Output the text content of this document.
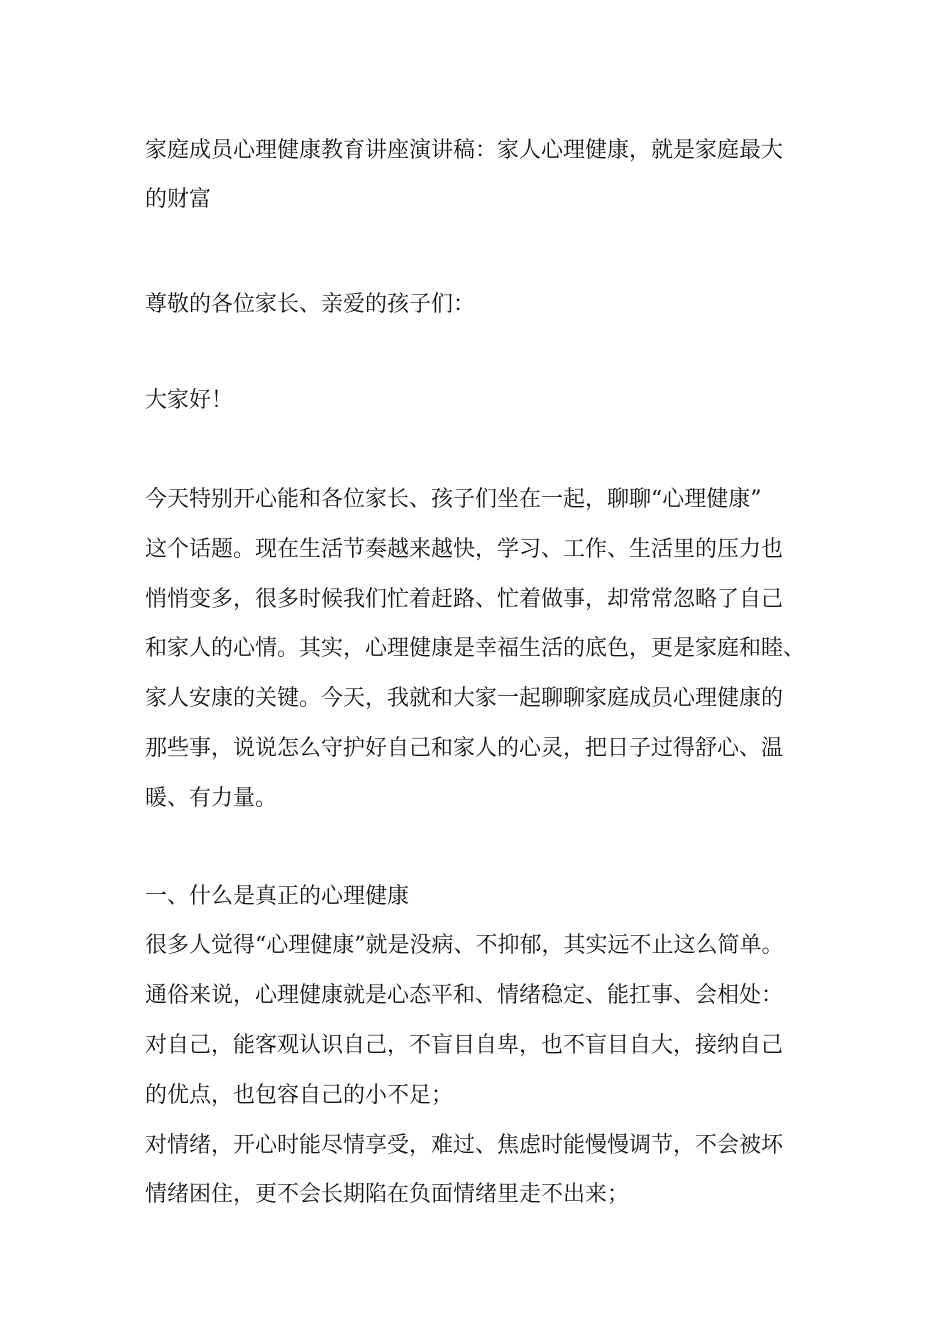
家庭成员心理健康教育讲座演讲稿：家人心理健康，就是家庭最大
的财富
尊敬的各位家长、亲爱的孩子们：
大家好！
今天特别开心能和各位家长、孩子们坐在一起，聊聊“心理健康”
这个话题。现在生活节奏越来越快，学习、工作、生活里的压力也
悄悄变多，很多时候我们忙着赶路、忙着做事，却常常忽略了自己
和家人的心情。其实，心理健康是幸福生活的底色，更是家庭和睦、
家人安康的关键。今天，我就和大家一起聊聊家庭成员心理健康的
那些事，说说怎么守护好自己和家人的心灵，把日子过得舒心、温
暖、有力量。
一、什么是真正的心理健康
很多人觉得“心理健康”就是没病、不抑郁，其实远不止这么简单。
通俗来说，心理健康就是心态平和、情绪稳定、能扛事、会相处：
对自己，能客观认识自己，不盲目自卑，也不盲目自大，接纳自己
的优点，也包容自己的小不足；
对情绪，开心时能尽情享受，难过、焦虑时能慢慢调节，不会被坏
情绪困住，更不会长期陷在负面情绪里走不出来；
